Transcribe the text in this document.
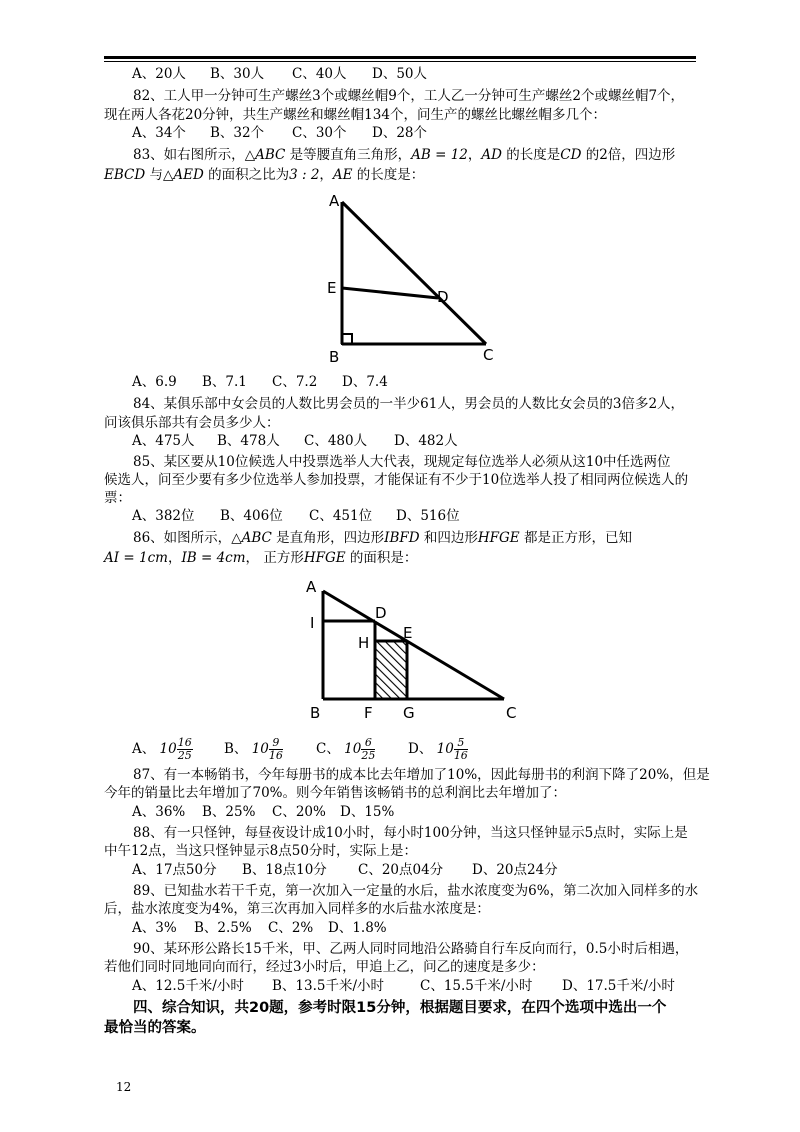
A、20人 B、30人 C、40人 D、50人
82、工人甲一分钟可生产螺丝3个或螺丝帽9个，工人乙一分钟可生产螺丝2个或螺丝帽7个，
现在两人各花20分钟，共生产螺丝和螺丝帽134个，问生产的螺丝比螺丝帽多几个：
A、34个 B、32个 C、30个 D、28个
83、如右图所示，△ABC 是等腰直角三角形，AB = 12，AD 的长度是CD 的2倍，四边形
EBCD 与△AED 的面积之比为3 : 2，AE 的长度是：
A
E	D
B	C
A、6.9 B、7.1 C、7.2 D、7.4
84、某俱乐部中女会员的人数比男会员的一半少61人，男会员的人数比女会员的3倍多2人，
问该俱乐部共有会员多少人：
A、475人 B、478人 C、480人 D、482人
85、某区要从10位候选人中投票选举人大代表，现规定每位选举人必须从这10中任选两位
候选人，问至少要有多少位选举人参加投票，才能保证有不少于10位选举人投了相同两位候选人的
票：
A、382位 B、406位 C、451位 D、516位
86、如图所示，△ABC 是直角形，四边形IBFD 和四边形HFGE 都是正方形，已知
AI = 1cm，IB = 4cm， 正方形HFGE 的面积是：
A
I
D
H
E
B	F G	C
A、 $10 \frac{16}{25}$ B、 $10 \frac{9}{16}$ C、 $10 \frac{6}{25}$ D、 $10 \frac{5}{16}$
87、有一本畅销书，今年每册书的成本比去年增加了10%，因此每册书的利润下降了20%，但是
今年的销量比去年增加了70%。则今年销售该畅销书的总利润比去年增加了：
A、36% B、25% C、20% D、15%
88、有一只怪钟，每昼夜设计成10小时，每小时100分钟，当这只怪钟显示5点时，实际上是
中午12点，当这只怪钟显示8点50分时，实际上是：
A、17点50分 B、18点10分 C、20点04分 D、20点24分
89、已知盐水若干千克，第一次加入一定量的水后，盐水浓度变为6%，第二次加入同样多的水
后，盐水浓度变为4%，第三次再加入同样多的水后盐水浓度是：
A、3% B、2.5% C、2% D、1.8%
90、某环形公路长15千米，甲、乙两人同时同地沿公路骑自行车反向而行，0.5小时后相遇，
若他们同时同地同向而行，经过3小时后，甲追上乙，问乙的速度是多少：
A、12.5千米/小时 B、13.5千米/小时	C、15.5千米/小时 D、17.5千米/小时
四、综合知识，共20题，参考时限15分钟，根据题目要求，在四个选项中选出一个
最恰当的答案。
12
